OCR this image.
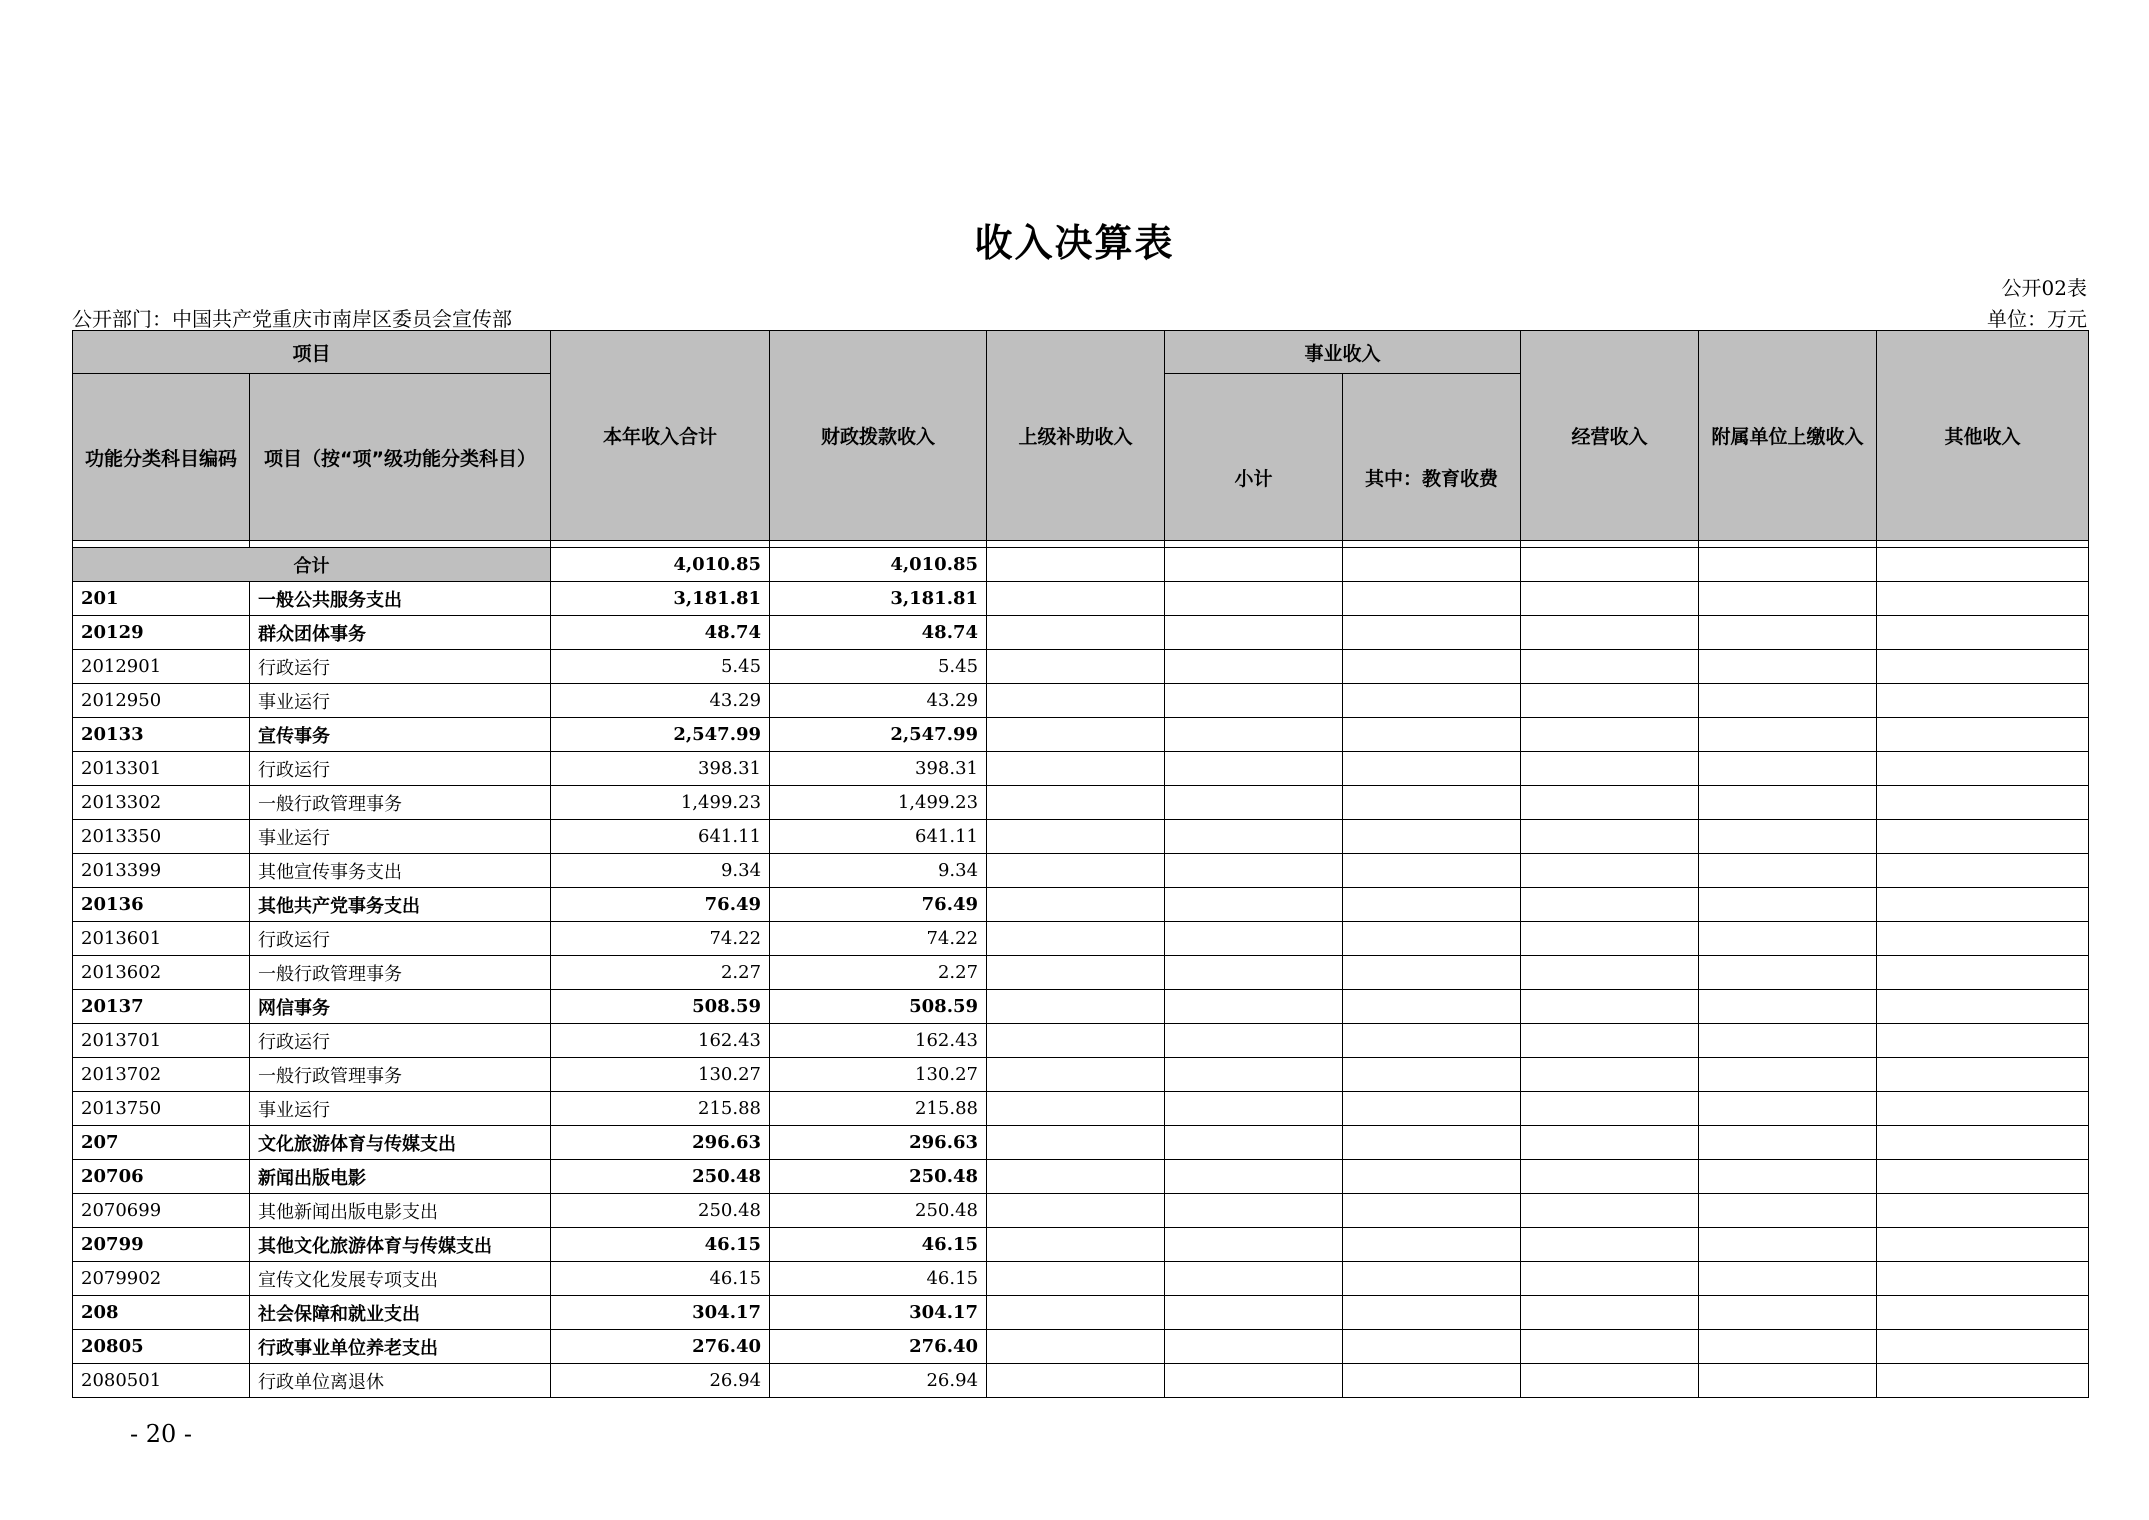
收入决算表
公开02表
公开部门：中国共产党重庆市南岸区委员会宣传部	单位：万元
项目		本年收入合计	财政拨款收入	上级补助收入	事业收入		经营收入	附属单位上缴收入	其他收入
功能分类科目编码	项目（按“项”级功能分类科目）				小计	其中：教育收费			

合计		4,010.85	4,010.85						
201	一般公共服务支出	3,181.81	3,181.81						
20129	群众团体事务	48.74	48.74						
2012901	行政运行	5.45	5.45						
2012950	事业运行	43.29	43.29						
20133	宣传事务	2,547.99	2,547.99						
2013301	行政运行	398.31	398.31						
2013302	一般行政管理事务	1,499.23	1,499.23						
2013350	事业运行	641.11	641.11						
2013399	其他宣传事务支出	9.34	9.34						
20136	其他共产党事务支出	76.49	76.49						
2013601	行政运行	74.22	74.22						
2013602	一般行政管理事务	2.27	2.27						
20137	网信事务	508.59	508.59						
2013701	行政运行	162.43	162.43						
2013702	一般行政管理事务	130.27	130.27						
2013750	事业运行	215.88	215.88						
207	文化旅游体育与传媒支出	296.63	296.63						
20706	新闻出版电影	250.48	250.48						
2070699	其他新闻出版电影支出	250.48	250.48						
20799	其他文化旅游体育与传媒支出	46.15	46.15						
2079902	宣传文化发展专项支出	46.15	46.15						
208	社会保障和就业支出	304.17	304.17						
20805	行政事业单位养老支出	276.40	276.40						
2080501	行政单位离退休	26.94	26.94						
- 20 -
